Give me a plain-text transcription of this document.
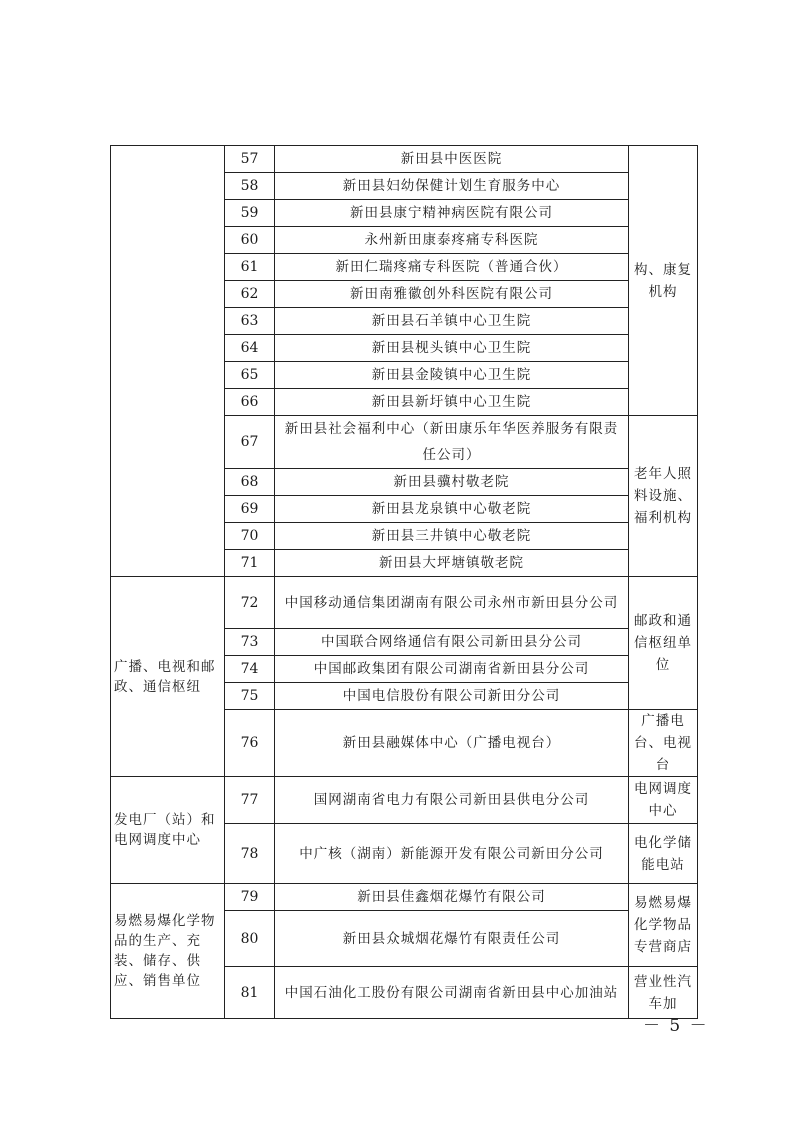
	57	新田县中医医院	构、康复机构
	58	新田县妇幼保健计划生育服务中心	
	59	新田县康宁精神病医院有限公司	
	60	永州新田康泰疼痛专科医院	
	61	新田仁瑞疼痛专科医院（普通合伙）	
	62	新田南雅徽创外科医院有限公司	
	63	新田县石羊镇中心卫生院	
	64	新田县枧头镇中心卫生院	
	65	新田县金陵镇中心卫生院	
	66	新田县新圩镇中心卫生院	
	67	新田县社会福利中心（新田康乐年华医养服务有限责任公司）	老年人照料设施、福利机构
	68	新田县骥村敬老院	
	69	新田县龙泉镇中心敬老院	
	70	新田县三井镇中心敬老院	
	71	新田县大坪塘镇敬老院	
广播、电视和邮政、通信枢纽	72	中国移动通信集团湖南有限公司永州市新田县分公司	邮政和通信枢纽单位
	73	中国联合网络通信有限公司新田县分公司	
	74	中国邮政集团有限公司湖南省新田县分公司	
	75	中国电信股份有限公司新田分公司	
	76	新田县融媒体中心（广播电视台）	广播电台、电视台
发电厂（站）和电网调度中心	77	国网湖南省电力有限公司新田县供电分公司	电网调度中心
	78	中广核（湖南）新能源开发有限公司新田分公司	电化学储能电站
易燃易爆化学物品的生产、充装、储存、供应、销售单位	79	新田县佳鑫烟花爆竹有限公司	易燃易爆化学物品专营商店
	80	新田县众城烟花爆竹有限责任公司	
	81	中国石油化工股份有限公司湖南省新田县中心加油站	营业性汽车加
－ 5 －
